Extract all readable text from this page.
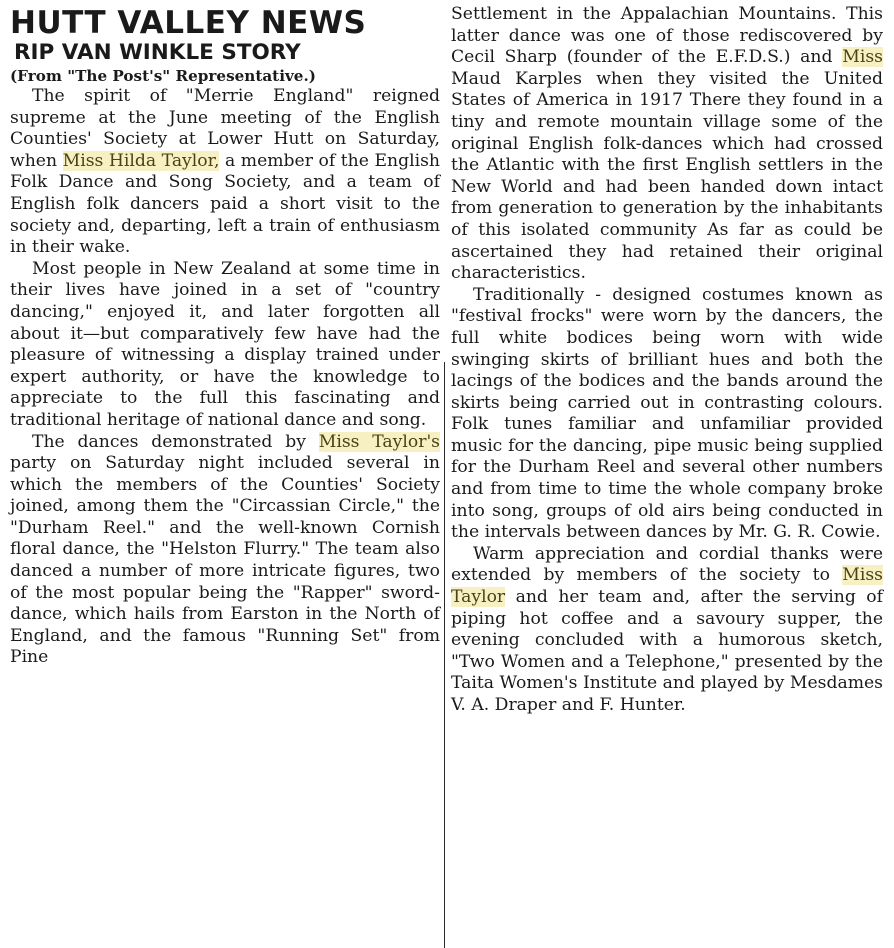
HUTT VALLEY NEWS
RIP VAN WINKLE STORY
(From "The Post's" Representative.)

The spirit of "Merrie England" reigned supreme at the June meeting of the English Counties' Society at Lower Hutt on Saturday, when Miss Hilda Taylor, a member of the English Folk Dance and Song Society, and a team of English folk dancers paid a short visit to the society and, departing, left a train of enthusiasm in their wake.

Most people in New Zealand at some time in their lives have joined in a set of "country dancing," enjoyed it, and later forgotten all about it—but comparatively few have had the pleasure of witnessing a display trained under expert authority, or have the knowledge to appreciate to the full this fascinating and traditional heritage of national dance and song.

The dances demonstrated by Miss Taylor's party on Saturday night included several in which the members of the Counties' Society joined, among them the "Circassian Circle," the "Durham Reel." and the well-known Cornish floral dance, the "Helston Flurry." The team also danced a number of more intricate figures, two of the most popular being the "Rapper" sword-dance, which hails from Earston in the North of England, and the famous "Running Set" from Pine

Settlement in the Appalachian Mountains. This latter dance was one of those rediscovered by Cecil Sharp (founder of the E.F.D.S.) and Miss Maud Karples when they visited the United States of America in 1917 There they found in a tiny and remote mountain village some of the original English folk-dances which had crossed the Atlantic with the first English settlers in the New World and had been handed down intact from generation to generation by the inhabitants of this isolated community As far as could be ascertained they had retained their original characteristics.

Traditionally - designed costumes known as "festival frocks" were worn by the dancers, the full white bodices being worn with wide swinging skirts of brilliant hues and both the lacings of the bodices and the bands around the skirts being carried out in contrasting colours. Folk tunes familiar and unfamiliar provided music for the dancing, pipe music being supplied for the Durham Reel and several other numbers and from time to time the whole company broke into song, groups of old airs being conducted in the intervals between dances by Mr. G. R. Cowie.

Warm appreciation and cordial thanks were extended by members of the society to Miss Taylor and her team and, after the serving of piping hot coffee and a savoury supper, the evening concluded with a humorous sketch, "Two Women and a Telephone," presented by the Taita Women's Institute and played by Mesdames V. A. Draper and F. Hunter.
